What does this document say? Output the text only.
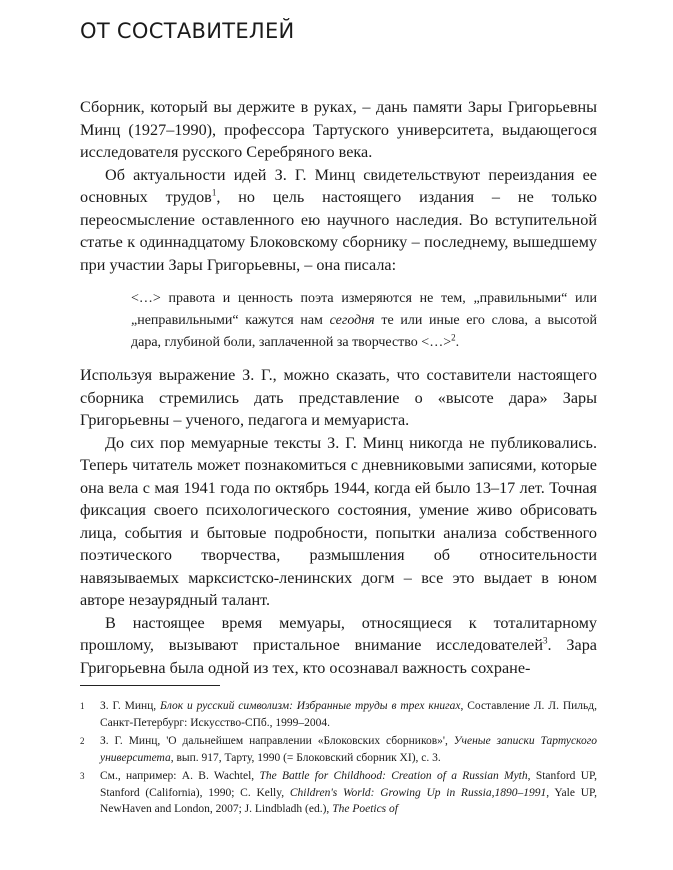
ОТ СОСТАВИТЕЛЕЙ

Сборник, который вы держите в руках, – дань памяти Зары Григорьевны Минц (1927–1990), профессора Тартуского университета, выдающегося исследователя русского Серебряного века.

Об актуальности идей З. Г. Минц свидетельствуют переиздания ее основных трудов$^1$, но цель настоящего издания – не только переосмысление оставленного ею научного наследия. Во вступительной статье к одиннадцатому Блоковскому сборнику – последнему, вышедшему при участии Зары Григорьевны, – она писала:

<…> правота и ценность поэта измеряются не тем, „правильными“ или „неправильными“ кажутся нам сегодня те или иные его слова, а высотой дара, глубиной боли, заплаченной за творчество <…>$^2$.

Используя выражение З. Г., можно сказать, что составители настоящего сборника стремились дать представление о «высоте дара» Зары Григорьевны – ученого, педагога и мемуариста.

До сих пор мемуарные тексты З. Г. Минц никогда не публиковались. Теперь читатель может познакомиться с дневниковыми записями, которые она вела с мая 1941 года по октябрь 1944, когда ей было 13–17 лет. Точная фиксация своего психологического состояния, умение живо обрисовать лица, события и бытовые подробности, попытки анализа собственного поэтического творчества, размышления об относительности навязываемых марксистско-ленинских догм – все это выдает в юном авторе незаурядный талант.

В настоящее время мемуары, относящиеся к тоталитарному прошлому, вызывают пристальное внимание исследователей$^3$. Зара Григорьевна была одной из тех, кто осознавал важность сохране-

1	З. Г. Минц, Блок и русский символизм: Избранные труды в трех книгах, Составление Л. Л. Пильд, Санкт-Петербург: Искусство-СПб., 1999–2004.
2	З. Г. Минц, 'О дальнейшем направлении «Блоковских сборников»', Ученые записки Тартуского университета, вып. 917, Тарту, 1990 (= Блоковский сборник XI), с. 3.
3	См., например: A. B. Wachtel, The Battle for Childhood: Creation of a Russian Myth, Stanford UP, Stanford (California), 1990; C. Kelly, Children's World: Growing Up in Russia,1890–1991, Yale UP, NewHaven and London, 2007; J. Lindbladh (ed.), The Poetics of
